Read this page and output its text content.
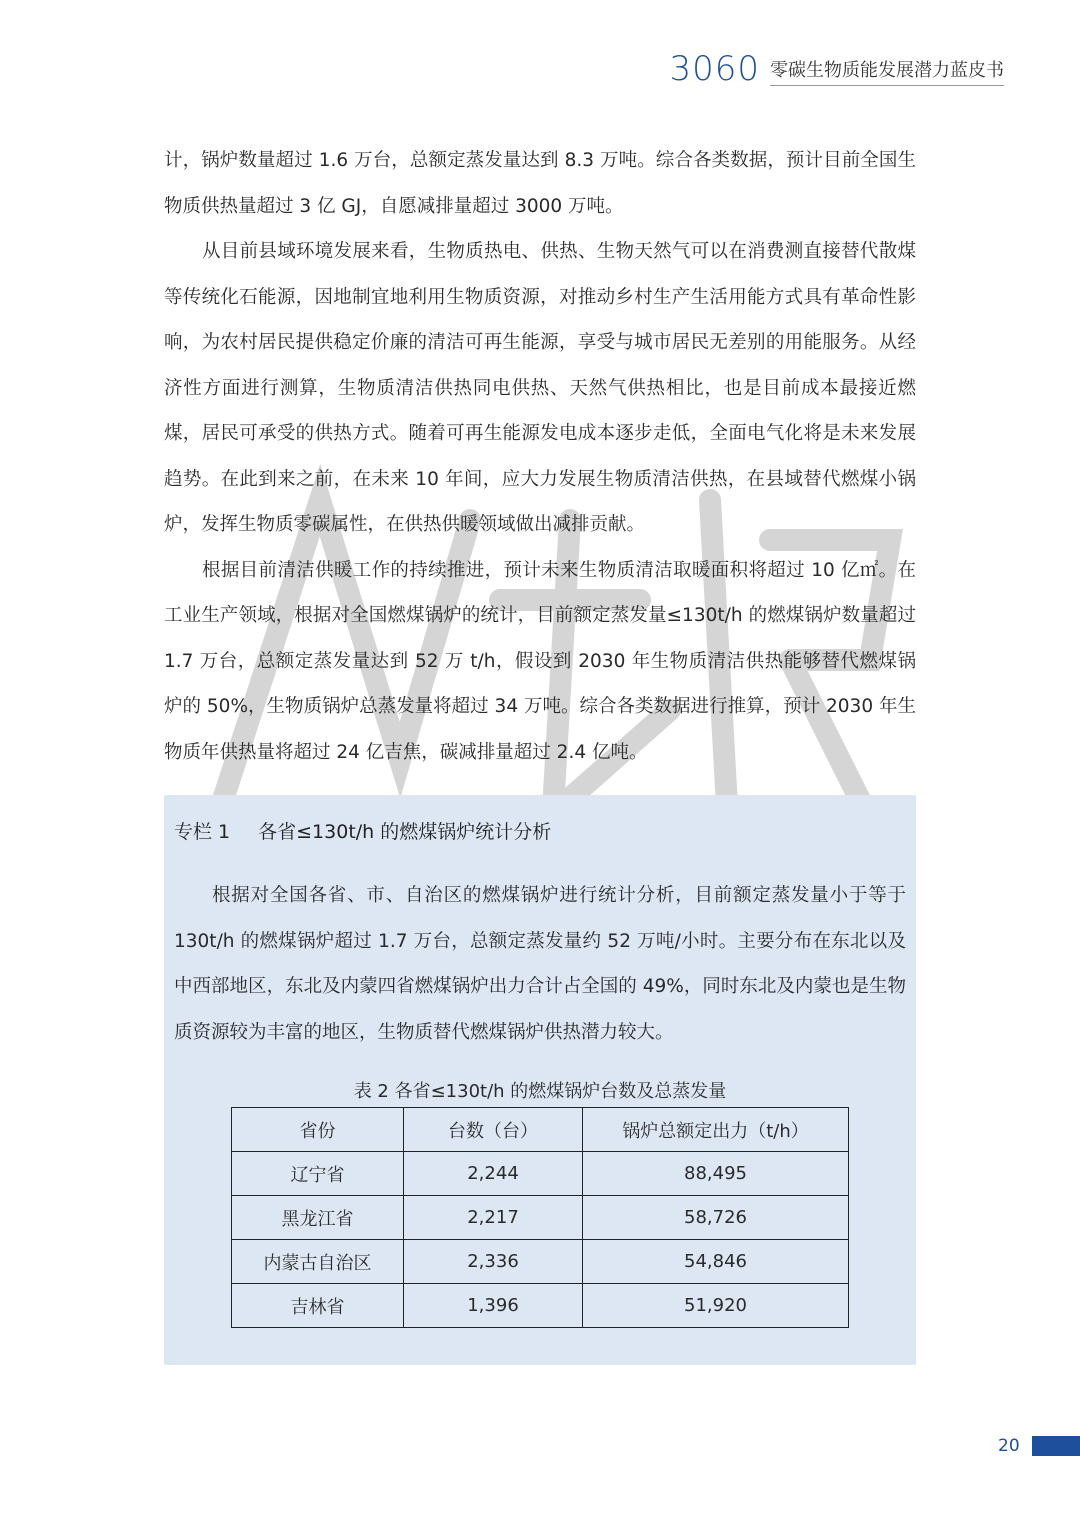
3060 零碳生物质能发展潜力蓝皮书

计，锅炉数量超过 1.6 万台，总额定蒸发量达到 8.3 万吨。综合各类数据，预计目前全国生物质供热量超过 3 亿 GJ，自愿减排量超过 3000 万吨。

从目前县域环境发展来看，生物质热电、供热、生物天然气可以在消费测直接替代散煤等传统化石能源，因地制宜地利用生物质资源，对推动乡村生产生活用能方式具有革命性影响，为农村居民提供稳定价廉的清洁可再生能源，享受与城市居民无差别的用能服务。从经济性方面进行测算，生物质清洁供热同电供热、天然气供热相比，也是目前成本最接近燃煤，居民可承受的供热方式。随着可再生能源发电成本逐步走低，全面电气化将是未来发展趋势。在此到来之前，在未来 10 年间，应大力发展生物质清洁供热，在县域替代燃煤小锅炉，发挥生物质零碳属性，在供热供暖领域做出减排贡献。

根据目前清洁供暖工作的持续推进，预计未来生物质清洁取暖面积将超过 10 亿㎡。在工业生产领域，根据对全国燃煤锅炉的统计，目前额定蒸发量≤130t/h 的燃煤锅炉数量超过 1.7 万台，总额定蒸发量达到 52 万 t/h，假设到 2030 年生物质清洁供热能够替代燃煤锅炉的 50%，生物质锅炉总蒸发量将超过 34 万吨。综合各类数据进行推算，预计 2030 年生物质年供热量将超过 24 亿吉焦，碳减排量超过 2.4 亿吨。

专栏 1 各省≤130t/h 的燃煤锅炉统计分析

根据对全国各省、市、自治区的燃煤锅炉进行统计分析，目前额定蒸发量小于等于 130t/h 的燃煤锅炉超过 1.7 万台，总额定蒸发量约 52 万吨/小时。主要分布在东北以及中西部地区，东北及内蒙四省燃煤锅炉出力合计占全国的 49%，同时东北及内蒙也是生物质资源较为丰富的地区，生物质替代燃煤锅炉供热潜力较大。

表 2 各省≤130t/h 的燃煤锅炉台数及总蒸发量
省份	台数（台）	锅炉总额定出力（t/h）
辽宁省	2,244	88,495
黑龙江省	2,217	58,726
内蒙古自治区	2,336	54,846
吉林省	1,396	51,920
20
